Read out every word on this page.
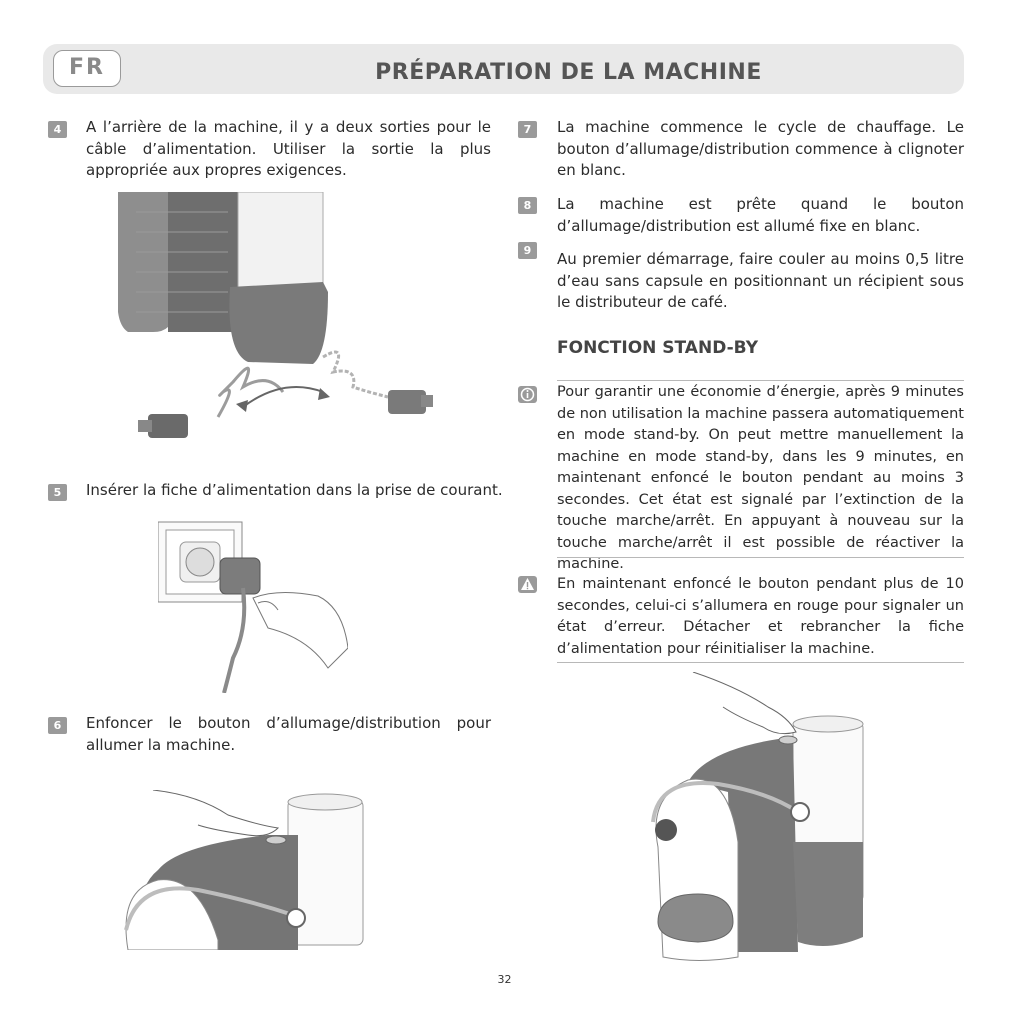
FR	PRÉPARATION DE LA MACHINE
4	A l’arrière de la machine, il y a deux sorties pour le câble d’alimentation. Utiliser la sortie la plus appropriée aux propres exigences.
5	Insérer la fiche d’alimentation dans la prise de courant.
6	Enfoncer le bouton d’allumage/distribution pour allumer la machine.
7	La machine commence le cycle de chauffage. Le bouton d’allumage/distribution commence à clignoter en blanc.
8	La machine est prête quand le bouton d’allumage/distribution est allumé fixe en blanc.
9	Au premier démarrage, faire couler au moins 0,5 litre d’eau sans capsule en positionnant un récipient sous le distributeur de café.
FONCTION STAND-BY
Pour garantir une économie d’énergie, après 9 minutes de non utilisation la machine passera automatiquement en mode stand-by. On peut mettre manuellement la machine en mode stand-by, dans les 9 minutes, en maintenant enfoncé le bouton pendant au moins 3 secondes. Cet état est signalé par l’extinction de la touche marche/arrêt. En appuyant à nouveau sur la touche marche/arrêt il est possible de réactiver la machine.
En maintenant enfoncé le bouton pendant plus de 10 secondes, celui-ci s’allumera en rouge pour signaler un état d’erreur. Détacher et rebrancher la fiche d’alimentation pour réinitialiser la machine.
32
